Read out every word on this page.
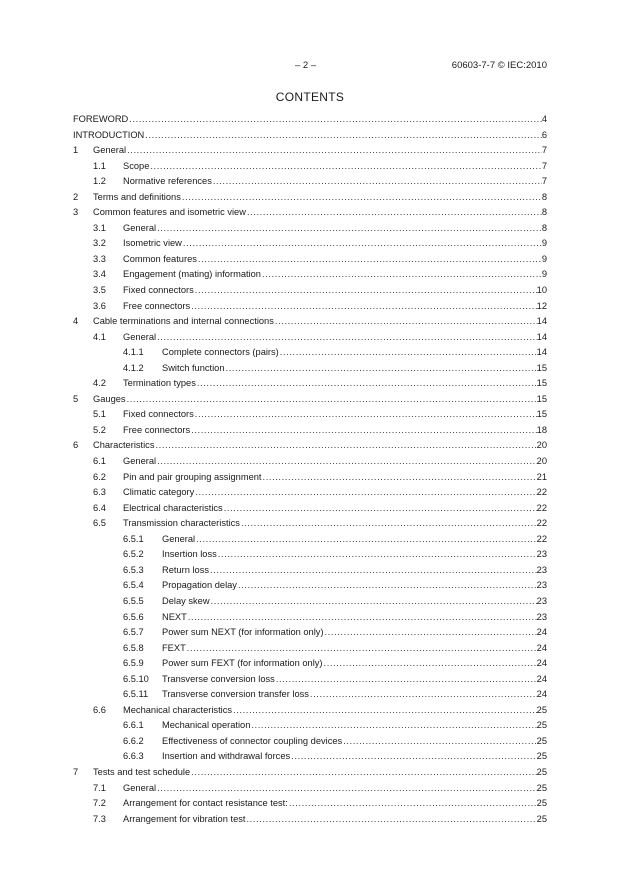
– 2 –	60603-7-7 © IEC:2010
CONTENTS
FOREWORD .....	4
INTRODUCTION .....	6
1 General .....	7
1.1 Scope .....	7
1.2 Normative references .....	7
2 Terms and definitions .....	8
3 Common features and isometric view .....	8
3.1 General .....	8
3.2 Isometric view .....	9
3.3 Common features .....	9
3.4 Engagement (mating) information .....	9
3.5 Fixed connectors .....	10
3.6 Free connectors .....	12
4 Cable terminations and internal connections .....	14
4.1 General .....	14
4.1.1 Complete connectors (pairs) .....	14
4.1.2 Switch function .....	15
4.2 Termination types .....	15
5 Gauges .....	15
5.1 Fixed connectors .....	15
5.2 Free connectors .....	18
6 Characteristics .....	20
6.1 General .....	20
6.2 Pin and pair grouping assignment .....	21
6.3 Climatic category .....	22
6.4 Electrical characteristics .....	22
6.5 Transmission characteristics .....	22
6.5.1 General .....	22
6.5.2 Insertion loss .....	23
6.5.3 Return loss .....	23
6.5.4 Propagation delay .....	23
6.5.5 Delay skew .....	23
6.5.6 NEXT .....	23
6.5.7 Power sum NEXT (for information only) .....	24
6.5.8 FEXT .....	24
6.5.9 Power sum FEXT (for information only) .....	24
6.5.10 Transverse conversion loss .....	24
6.5.11 Transverse conversion transfer loss .....	24
6.6 Mechanical characteristics .....	25
6.6.1 Mechanical operation .....	25
6.6.2 Effectiveness of connector coupling devices .....	25
6.6.3 Insertion and withdrawal forces .....	25
7 Tests and test schedule .....	25
7.1 General .....	25
7.2 Arrangement for contact resistance test: .....	25
7.3 Arrangement for vibration test .....	25
